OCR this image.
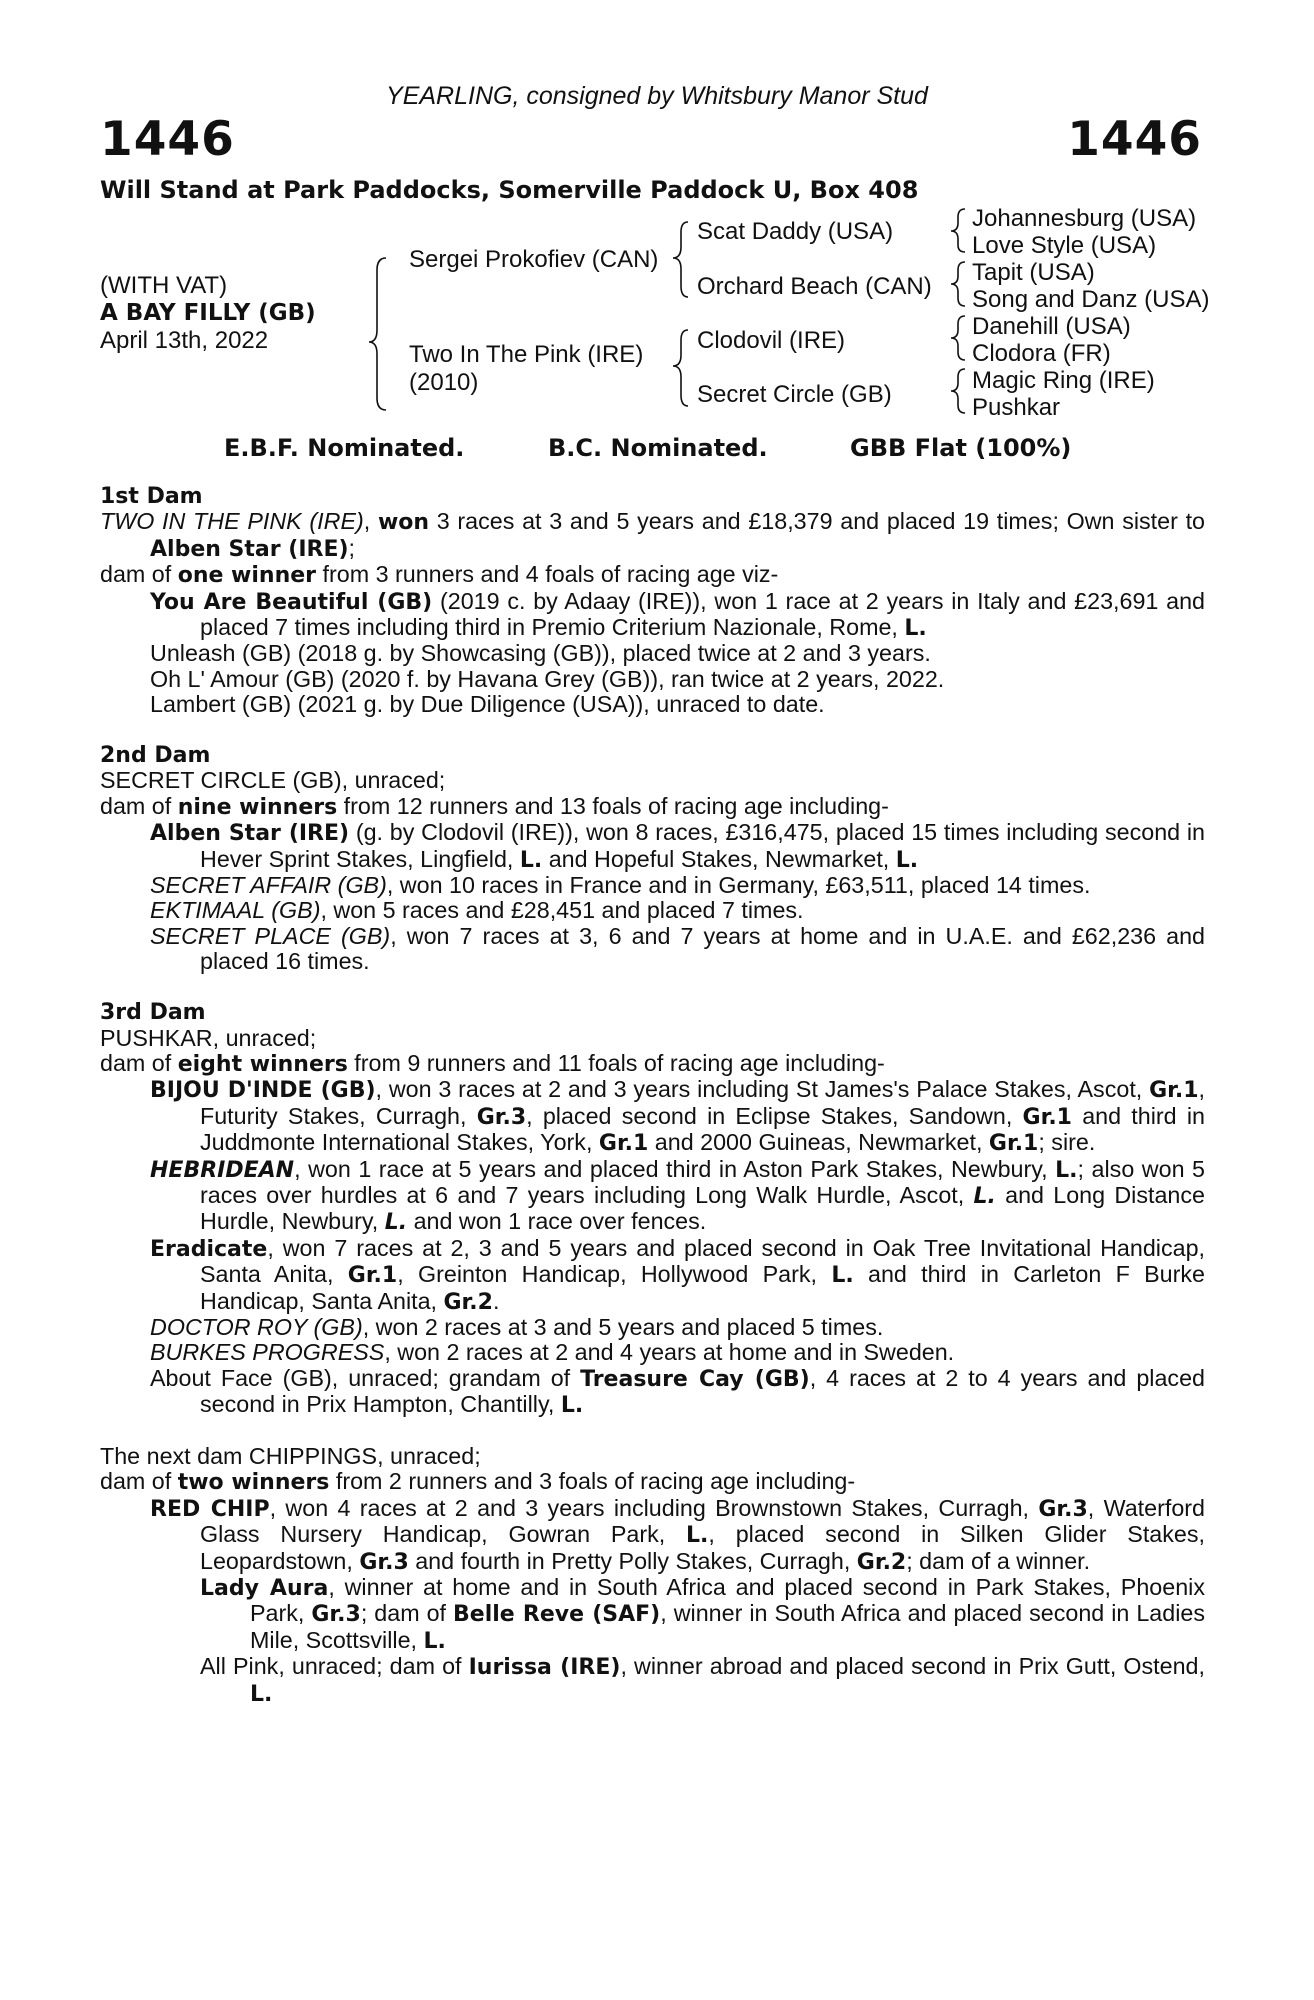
YEARLING, consigned by Whitsbury Manor Stud
1446	1446
Will Stand at Park Paddocks, Somerville Paddock U, Box 408
(WITH VAT)
A BAY FILLY (GB)
April 13th, 2022
Sergei Prokofiev (CAN)
Two In The Pink (IRE)
(2010)
Scat Daddy (USA)
Orchard Beach (CAN)
Clodovil (IRE)
Secret Circle (GB)
Johannesburg (USA)
Love Style (USA)
Tapit (USA)
Song and Danz (USA)
Danehill (USA)
Clodora (FR)
Magic Ring (IRE)
Pushkar
E.B.F. Nominated.	B.C. Nominated.	GBB Flat (100%)
1st Dam
TWO IN THE PINK (IRE), won 3 races at 3 and 5 years and £18,379 and placed 19 times; Own sister to Alben Star (IRE);
dam of one winner from 3 runners and 4 foals of racing age viz-
You Are Beautiful (GB) (2019 c. by Adaay (IRE)), won 1 race at 2 years in Italy and £23,691 and placed 7 times including third in Premio Criterium Nazionale, Rome, L.
Unleash (GB) (2018 g. by Showcasing (GB)), placed twice at 2 and 3 years.
Oh L' Amour (GB) (2020 f. by Havana Grey (GB)), ran twice at 2 years, 2022.
Lambert (GB) (2021 g. by Due Diligence (USA)), unraced to date.
2nd Dam
SECRET CIRCLE (GB), unraced;
dam of nine winners from 12 runners and 13 foals of racing age including-
Alben Star (IRE) (g. by Clodovil (IRE)), won 8 races, £316,475, placed 15 times including second in Hever Sprint Stakes, Lingfield, L. and Hopeful Stakes, Newmarket, L.
SECRET AFFAIR (GB), won 10 races in France and in Germany, £63,511, placed 14 times.
EKTIMAAL (GB), won 5 races and £28,451 and placed 7 times.
SECRET PLACE (GB), won 7 races at 3, 6 and 7 years at home and in U.A.E. and £62,236 and placed 16 times.
3rd Dam
PUSHKAR, unraced;
dam of eight winners from 9 runners and 11 foals of racing age including-
BIJOU D'INDE (GB), won 3 races at 2 and 3 years including St James's Palace Stakes, Ascot, Gr.1, Futurity Stakes, Curragh, Gr.3, placed second in Eclipse Stakes, Sandown, Gr.1 and third in Juddmonte International Stakes, York, Gr.1 and 2000 Guineas, Newmarket, Gr.1; sire.
HEBRIDEAN, won 1 race at 5 years and placed third in Aston Park Stakes, Newbury, L.; also won 5 races over hurdles at 6 and 7 years including Long Walk Hurdle, Ascot, L. and Long Distance Hurdle, Newbury, L. and won 1 race over fences.
Eradicate, won 7 races at 2, 3 and 5 years and placed second in Oak Tree Invitational Handicap, Santa Anita, Gr.1, Greinton Handicap, Hollywood Park, L. and third in Carleton F Burke Handicap, Santa Anita, Gr.2.
DOCTOR ROY (GB), won 2 races at 3 and 5 years and placed 5 times.
BURKES PROGRESS, won 2 races at 2 and 4 years at home and in Sweden.
About Face (GB), unraced; grandam of Treasure Cay (GB), 4 races at 2 to 4 years and placed second in Prix Hampton, Chantilly, L.
The next dam CHIPPINGS, unraced;
dam of two winners from 2 runners and 3 foals of racing age including-
RED CHIP, won 4 races at 2 and 3 years including Brownstown Stakes, Curragh, Gr.3, Waterford Glass Nursery Handicap, Gowran Park, L., placed second in Silken Glider Stakes, Leopardstown, Gr.3 and fourth in Pretty Polly Stakes, Curragh, Gr.2; dam of a winner.
Lady Aura, winner at home and in South Africa and placed second in Park Stakes, Phoenix Park, Gr.3; dam of Belle Reve (SAF), winner in South Africa and placed second in Ladies Mile, Scottsville, L.
All Pink, unraced; dam of Iurissa (IRE), winner abroad and placed second in Prix Gutt, Ostend, L.
